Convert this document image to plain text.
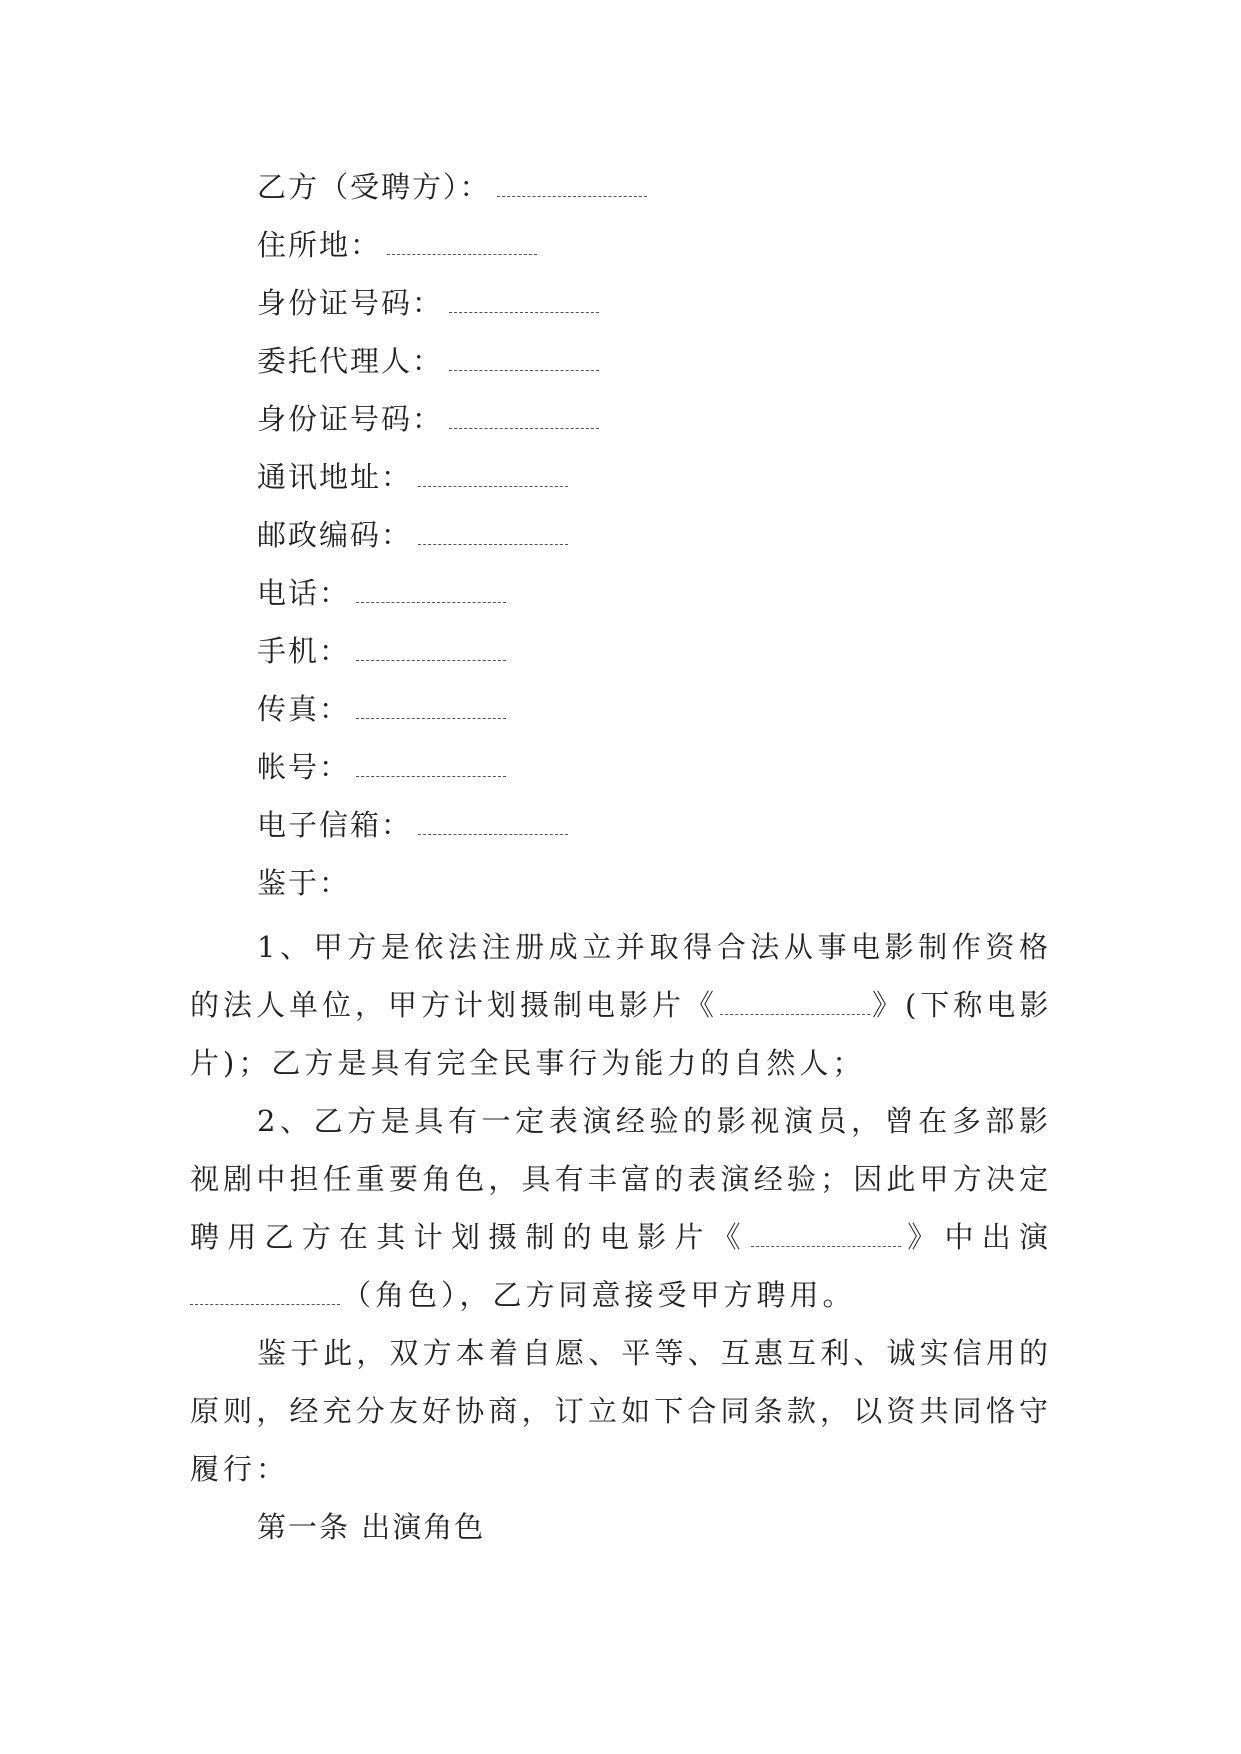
乙方（受聘方）：
住所地：
身份证号码：
委托代理人：
身份证号码：
通讯地址：
邮政编码：
电话：
手机：
传真：
帐号：
电子信箱：
鉴于：
1、甲方是依法注册成立并取得合法从事电影制作资格
的法人单位，甲方计划摄制电影片《	》(下称电影
片)；乙方是具有完全民事行为能力的自然人；
2、乙方是具有一定表演经验的影视演员，曾在多部影
视剧中担任重要角色，具有丰富的表演经验；因此甲方决定
聘用乙方在其计划摄制的电影片《	》中出演
（角色），乙方同意接受甲方聘用。
鉴于此，双方本着自愿、平等、互惠互利、诚实信用的
原则，经充分友好协商，订立如下合同条款，以资共同恪守
履行：
第一条 出演角色
